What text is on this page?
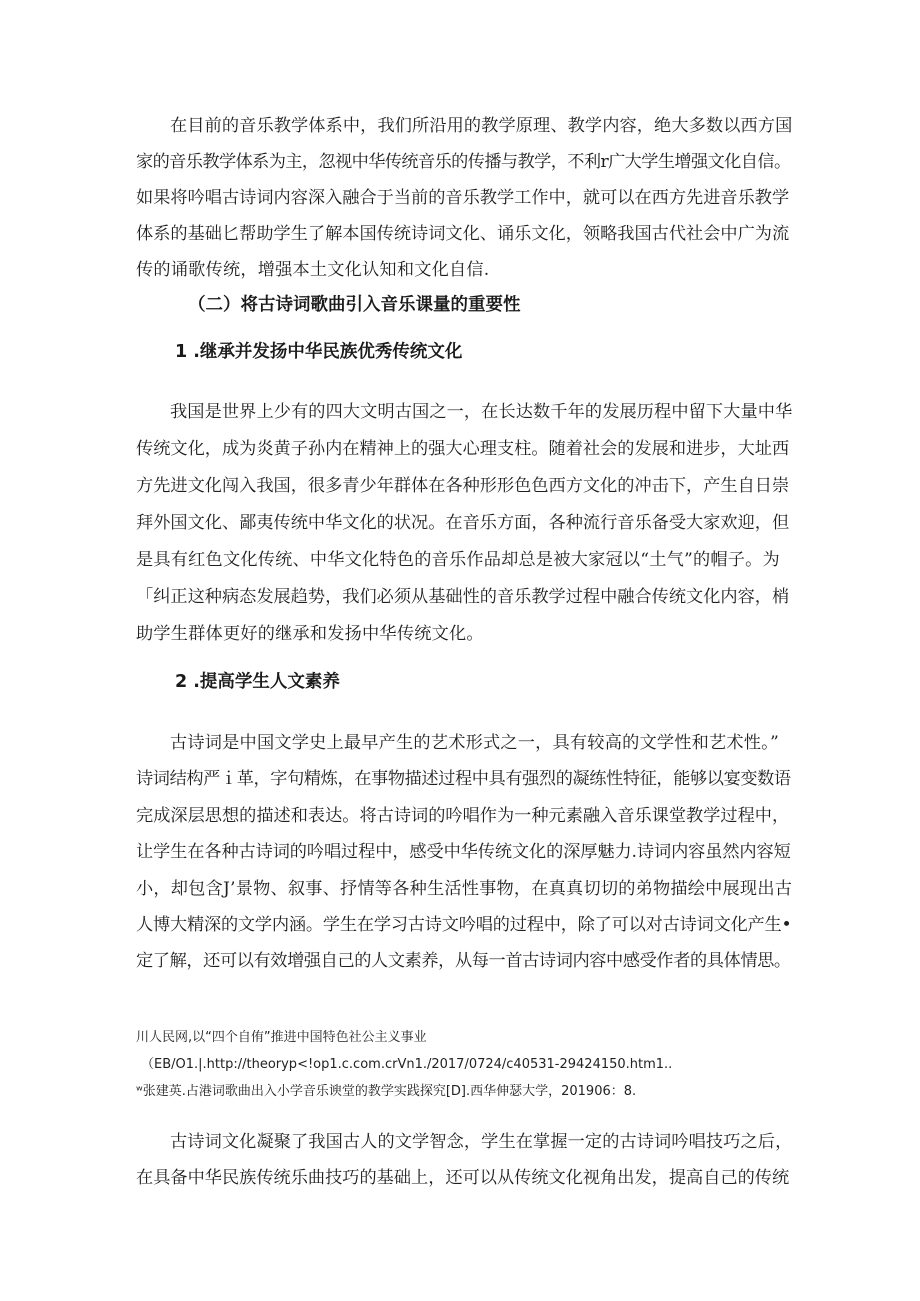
在目前的音乐教学体系中，我们所沿用的教学原理、教学内容，绝大多数以西方国
家的音乐教学体系为主，忽视中华传统音乐的传播与教学，不利r广大学生增强文化自信。
如果将吟唱古诗词内容深入融合于当前的音乐教学工作中，就可以在西方先进音乐教学
体系的基础匕帮助学生了解本国传统诗词文化、诵乐文化，领略我国古代社会中广为流
传的诵歌传统，增强本土文化认知和文化自信.
（二）将古诗词歌曲引入音乐课量的重要性
1 .继承并发扬中华民族优秀传统文化
我国是世界上少有的四大文明古国之一，在长达数千年的发展历程中留下大量中华
传统文化，成为炎黄子孙内在精神上的强大心理支柱。随着社会的发展和进步，大址西
方先进文化闯入我国，很多青少年群体在各种形形色色西方文化的冲击下，产生自日崇
拜外国文化、鄙夷传统中华文化的状况。在音乐方面，各种流行音乐备受大家欢迎，但
是具有红色文化传统、中华文化特色的音乐作品却总是被大家冠以“土气”的帽子。为
「纠正这种病态发展趋势，我们必须从基础性的音乐教学过程中融合传统文化内容，梢
助学生群体更好的继承和发扬中华传统文化。
2 .提高学生人文素养
古诗词是中国文学史上最早产生的艺术形式之一，具有较高的文学性和艺术性。”
诗词结构严ｉ革，字句精炼，在事物描述过程中具有强烈的凝练性特征，能够以宴变数语
完成深层思想的描述和表达。将古诗词的吟唱作为一种元素融入音乐课堂教学过程中，
让学生在各种古诗词的吟唱过程中，感受中华传统文化的深厚魅力.诗词内容虽然内容短
小，却包含J’景物、叙事、抒情等各种生活性事物，在真真切切的弟物描绘中展现出古
人博大精深的文学内涵。学生在学习古诗文吟唱的过程中，除了可以对古诗词文化产生•
定了解，还可以有效增强自己的人文素养，从每一首古诗词内容中感受作者的具体情思。
川人民网,以“四个自侑”推进中国特色社公主义事业
（EB/O1.|.http://theoryp<!op1.c.com.crVn1./2017/0724/c40531-29424150.htm1..
ʷ张建英.占港词歌曲出入小学音乐谀堂的教学实践探究[D].西华伸瑟大学，201906：8.
古诗词文化凝聚了我国古人的文学智念，学生在掌握一定的古诗词吟唱技巧之后，
在具备中华民族传统乐曲技巧的基础上，还可以从传统文化视角出发，提高自己的传统
